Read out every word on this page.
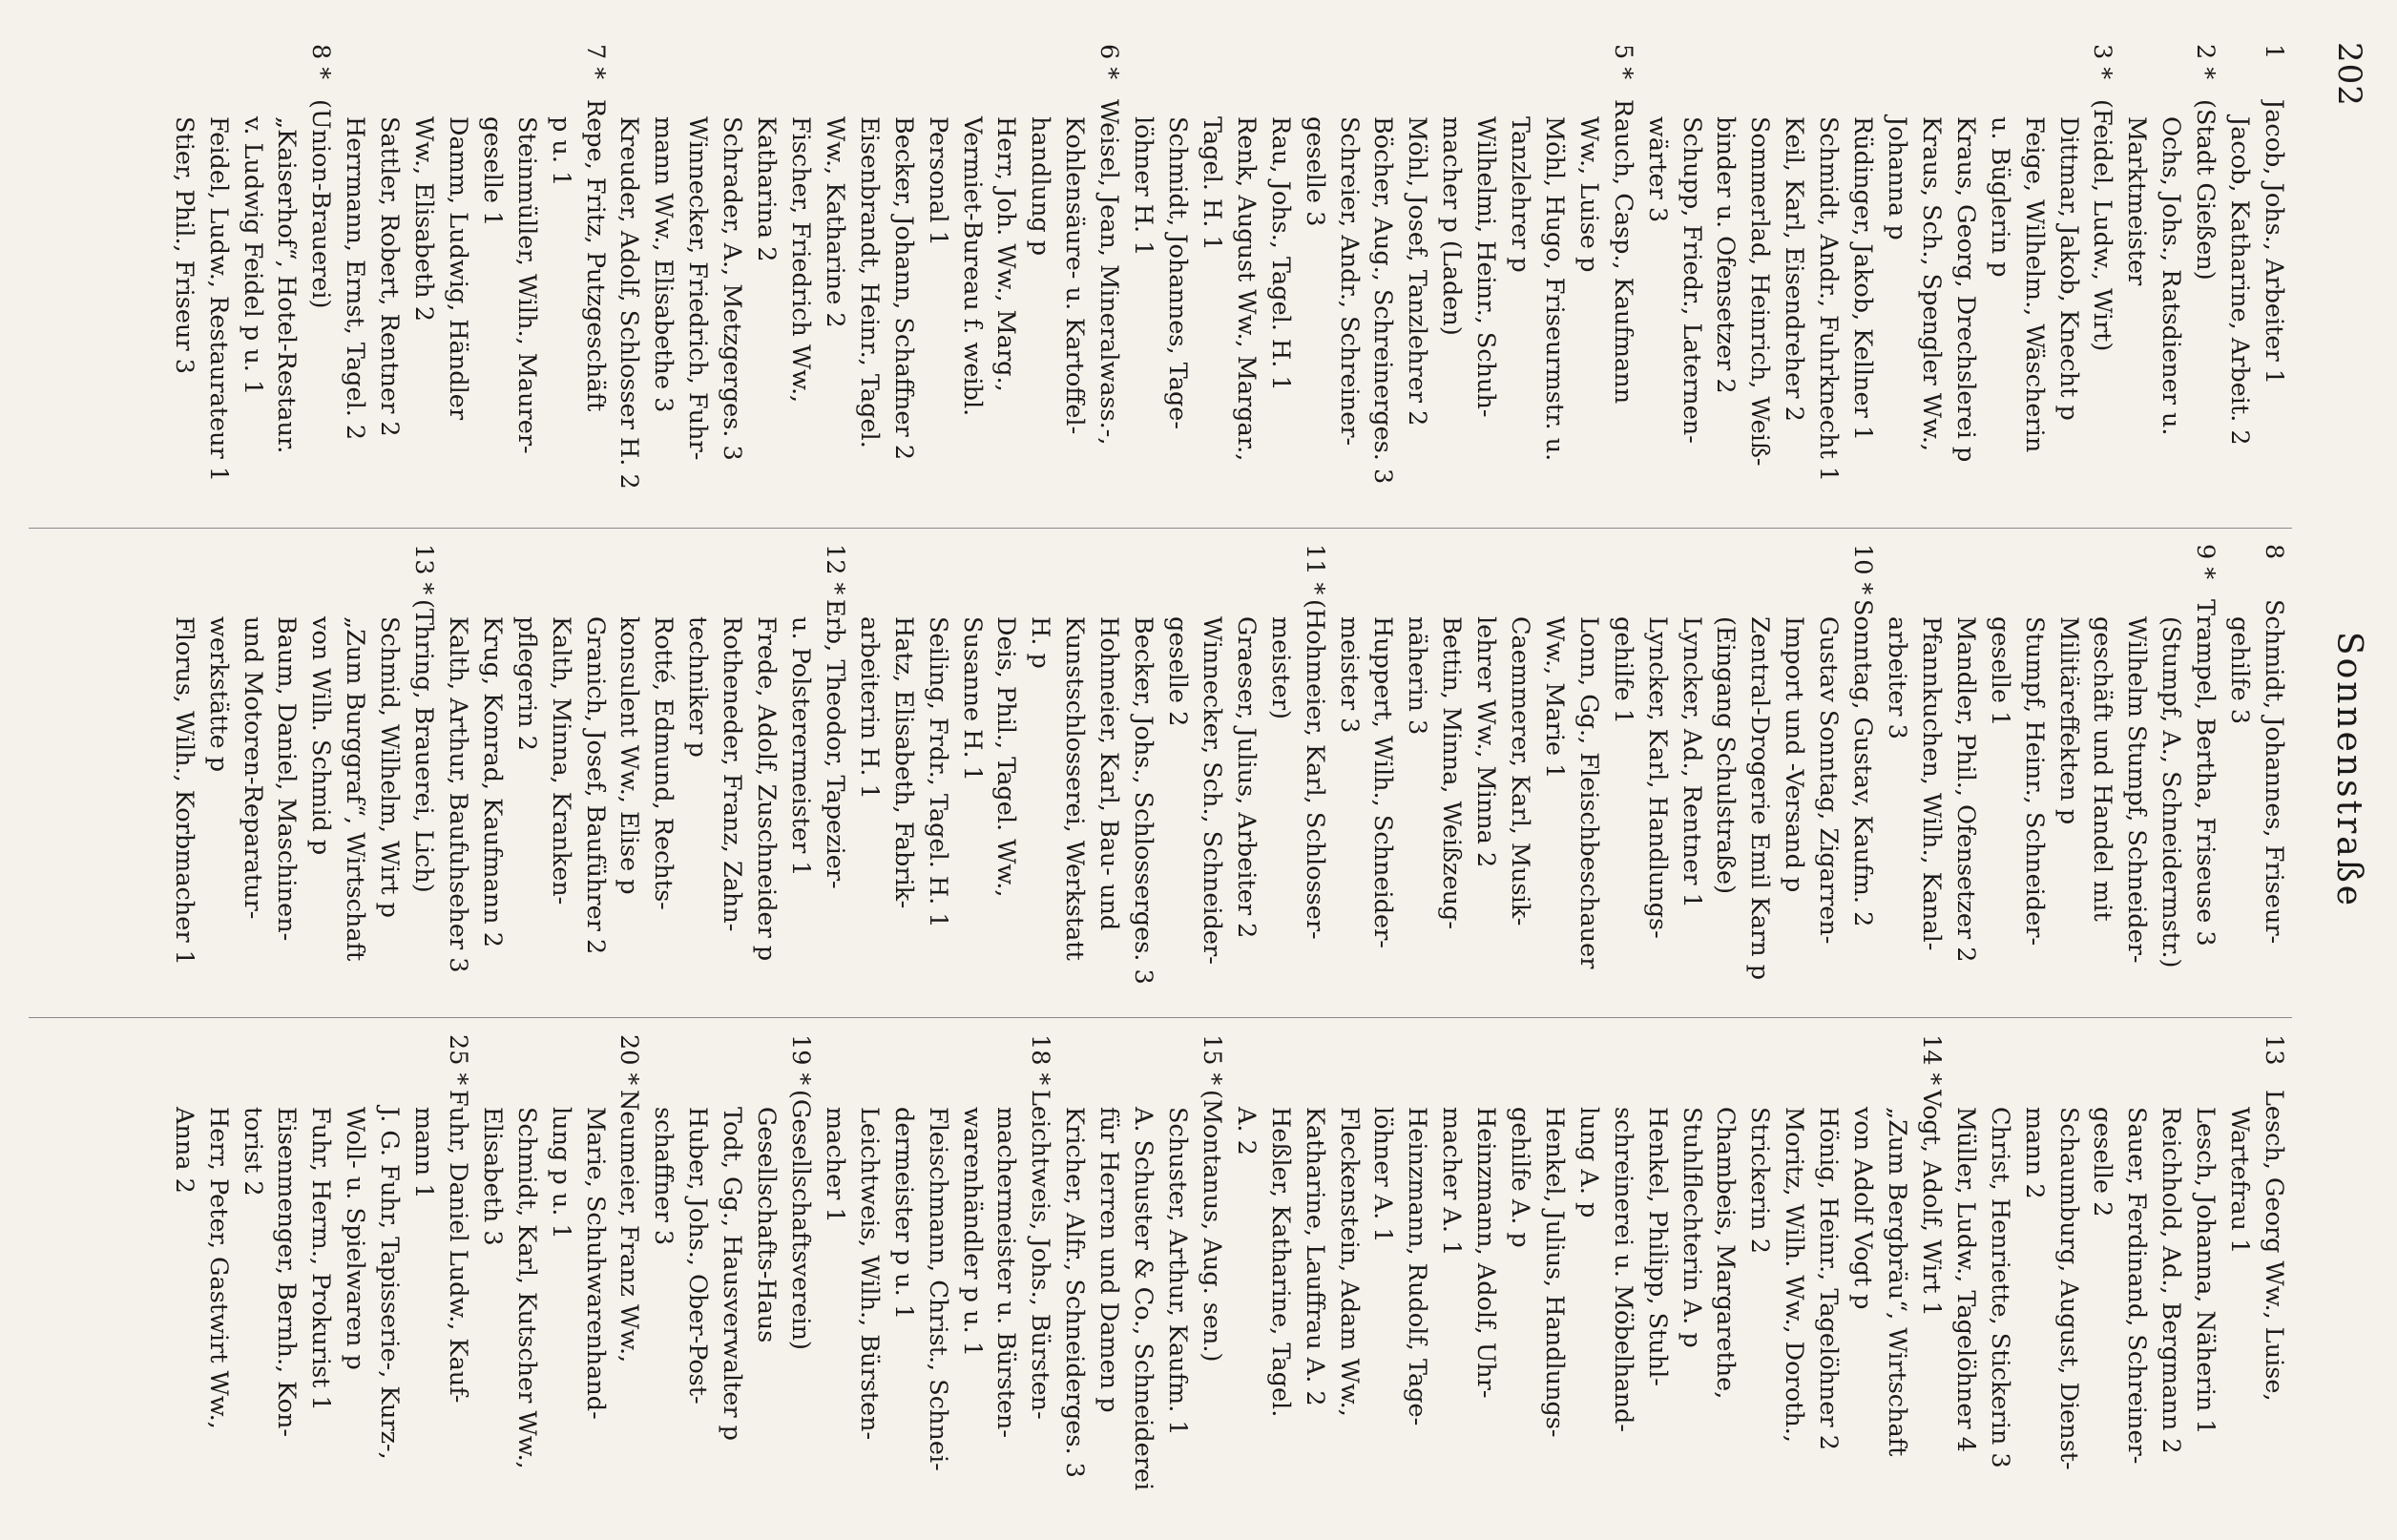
202
Sonnenstraße
1
Jacob, Johs., Arbeiter 1
Jacob, Katharine, Arbeit. 2
2 *
(Stadt Gießen)
Ochs, Johs., Ratsdiener u.
Marktmeister
3 *
(Feidel, Ludw., Wirt)
Dittmar, Jakob, Knecht p
Feige, Wilhelm., Wäscherin
u. Büglerin p
Kraus, Georg, Drechslerei p
Kraus, Sch., Spengler Ww.,
Johanna p
Rüdinger, Jakob, Kellner 1
Schmidt, Andr., Fuhrknecht 1
Keil, Karl, Eisendreher 2
Sommerlad, Heinrich, Weiß-
binder u. Ofensetzer 2
Schupp, Friedr., Laternen-
wärter 3
5 *
Rauch, Casp., Kaufmann
Ww., Luise p
Möhl, Hugo, Friseurmstr. u.
Tanzlehrer p
Wilhelmi, Heinr., Schuh-
macher p (Laden)
Möhl, Josef, Tanzlehrer 2
Böcher, Aug., Schreinerges. 3
Schreier, Andr., Schreiner-
geselle 3
Rau, Johs., Tagel. H. 1
Renk, August Ww., Margar.,
Tagel. H. 1
Schmidt, Johannes, Tage-
löhner H. 1
6 *
Weisel, Jean, Mineralwass.-,
Kohlensäure- u. Kartoffel-
handlung p
Herr, Joh. Ww., Marg.,
Vermiet-Bureau f. weibl.
Personal 1
Becker, Johann, Schaffner 2
Eisenbrandt, Heinr., Tagel.
Ww., Katharine 2
Fischer, Friedrich Ww.,
Katharina 2
Schrader, A., Metzgerges. 3
Winnecker, Friedrich, Fuhr-
mann Ww., Elisabethe 3
Kreuder, Adolf, Schlosser H. 2
7 *
Repe, Fritz, Putzgeschäft
p u. 1
Steinmüller, Wilh., Maurer-
geselle 1
Damm, Ludwig, Händler
Ww., Elisabeth 2
Sattler, Robert, Rentner 2
Herrmann, Ernst, Tagel. 2
8 *
(Union-Brauerei)
„Kaiserhof“, Hotel-Restaur.
v. Ludwig Feidel p u. 1
Feidel, Ludw., Restaurateur 1
Stier, Phil., Friseur 3
8
Schmidt, Johannes, Friseur-
gehilfe 3
9 *
Trampel, Bertha, Friseuse 3
(Stumpf, A., Schneidermstr.)
Wilhelm Stumpf, Schneider-
geschäft und Handel mit
Militäreffekten p
Stumpf, Heinr., Schneider-
geselle 1
Mandler, Phil., Ofensetzer 2
Pfannkuchen, Wilh., Kanal-
arbeiter 3
10 *
Sonntag, Gustav, Kaufm. 2
Gustav Sonntag, Zigarren-
Import und -Versand p
Zentral-Drogerie Emil Karn p
(Eingang Schulstraße)
Lyncker, Ad., Rentner 1
Lyncker, Karl, Handlungs-
gehilfe 1
Lonn, Gg., Fleischbeschauer
Ww., Marie 1
Caemmerer, Karl, Musik-
lehrer Ww., Minna 2
Bettin, Minna, Weißzeug-
näherin 3
Huppert, Wilh., Schneider-
meister 3
11 *
(Hohmeier, Karl, Schlosser-
meister)
Graeser, Julius, Arbeiter 2
Winnecker, Sch., Schneider-
geselle 2
Becker, Johs., Schlosserges. 3
Hohmeier, Karl, Bau- und
Kunstschlosserei, Werkstatt
H. p
Deis, Phil., Tagel. Ww.,
Susanne H. 1
Seiling, Frdr., Tagel. H. 1
Hatz, Elisabeth, Fabrik-
arbeiterin H. 1
12 *
Erb, Theodor, Tapezier-
u. Polsterermeister 1
Frede, Adolf, Zuschneider p
Rotheneder, Franz, Zahn-
techniker p
Rotté, Edmund, Rechts-
konsulent Ww., Elise p
Granich, Josef, Bauführer 2
Kalth, Minna, Kranken-
pflegerin 2
Krug, Konrad, Kaufmann 2
Kalth, Arthur, Baufuhseher 3
13 *
(Thring, Brauerei, Lich)
Schmid, Wilhelm, Wirt p
„Zum Burggraf“, Wirtschaft
von Wilh. Schmid p
Baum, Daniel, Maschinen-
und Motoren-Reparatur-
werkstätte p
Florus, Wilh., Korbmacher 1
13
Lesch, Georg Ww., Luise,
Wartefrau 1
Lesch, Johanna, Näherin 1
Reichhold, Ad., Bergmann 2
Sauer, Ferdinand, Schreiner-
geselle 2
Schaumburg, August, Dienst-
mann 2
Christ, Henriette, Stickerin 3
Müller, Ludw., Tagelöhner 4
14 *
Vogt, Adolf, Wirt 1
„Zum Bergbräu“, Wirtschaft
von Adolf Vogt p
Hönig, Heinr., Tagelöhner 2
Moritz, Wilh. Ww., Doroth.,
Strickerin 2
Chambeis, Margarethe,
Stuhlflechterin A. p
Henkel, Philipp, Stuhl-
schreinerei u. Möbelhand-
lung A. p
Henkel, Julius, Handlungs-
gehilfe A. p
Heinzmann, Adolf, Uhr-
macher A. 1
Heinzmann, Rudolf, Tage-
löhner A. 1
Fleckenstein, Adam Ww.,
Katharine, Lauffrau A. 2
Heßler, Katharine, Tagel.
A. 2
15 *
(Montanus, Aug. sen.)
Schuster, Arthur, Kaufm. 1
A. Schuster & Co., Schneiderei
für Herren und Damen p
Kricher, Alfr., Schneiderges. 3
18 *
Leichtweis, Johs., Bürsten-
machermeister u. Bürsten-
warenhändler p u. 1
Fleischmann, Christ., Schnei-
dermeister p u. 1
Leichtweis, Wilh., Bürsten-
macher 1
19 *
(Gesellschaftsverein)
Gesellschafts-Haus
Todt, Gg., Hausverwalter p
Huber, Johs., Ober-Post-
schaffner 3
20 *
Neumeier, Franz Ww.,
Marie, Schuhwarenhand-
lung p u. 1
Schmidt, Karl, Kutscher Ww.,
Elisabeth 3
25 *
Fuhr, Daniel Ludw., Kauf-
mann 1
J. G. Fuhr, Tapisserie-, Kurz-,
Woll- u. Spielwaren p
Fuhr, Herm., Prokurist 1
Eisenmenger, Bernh., Kon-
torist 2
Herr, Peter, Gastwirt Ww.,
Anna 2
